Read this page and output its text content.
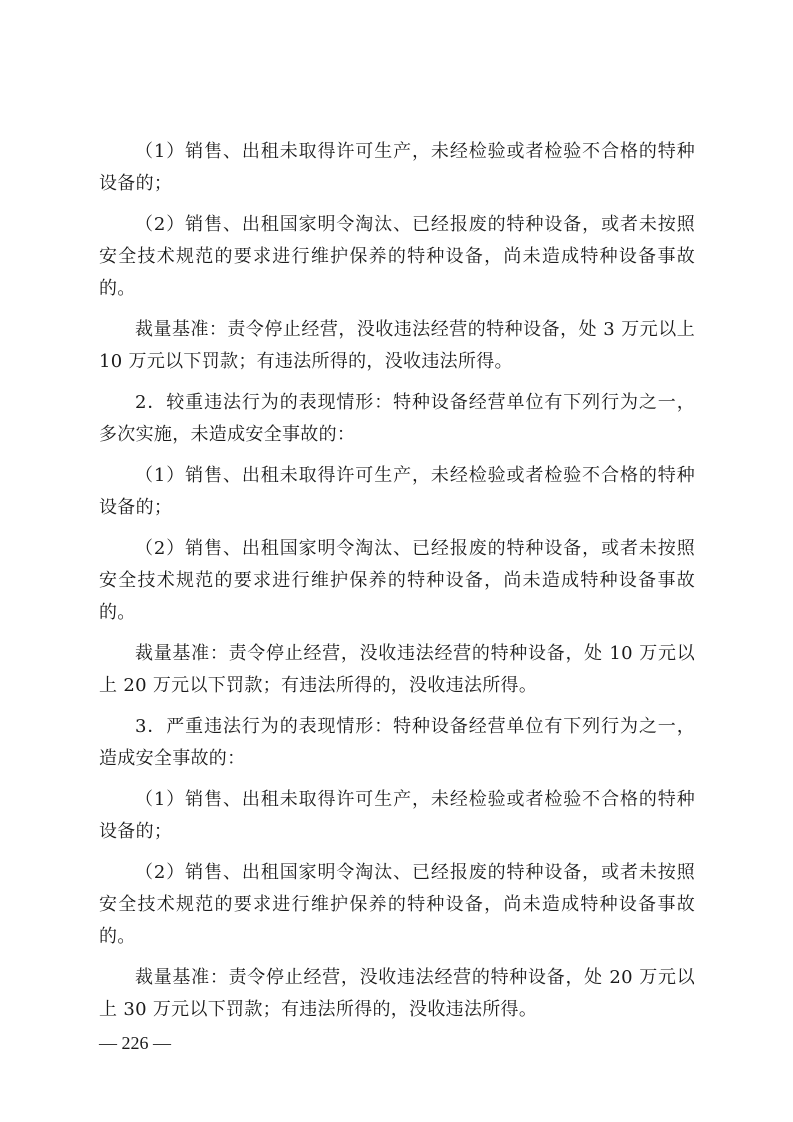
（1）销售、出租未取得许可生产，未经检验或者检验不合格的特种设备的；

（2）销售、出租国家明令淘汰、已经报废的特种设备，或者未按照安全技术规范的要求进行维护保养的特种设备，尚未造成特种设备事故的。

裁量基准：责令停止经营，没收违法经营的特种设备，处 3 万元以上 10 万元以下罚款；有违法所得的，没收违法所得。

2．较重违法行为的表现情形：特种设备经营单位有下列行为之一，多次实施，未造成安全事故的：

（1）销售、出租未取得许可生产，未经检验或者检验不合格的特种设备的；

（2）销售、出租国家明令淘汰、已经报废的特种设备，或者未按照安全技术规范的要求进行维护保养的特种设备，尚未造成特种设备事故的。

裁量基准：责令停止经营，没收违法经营的特种设备，处 10 万元以上 20 万元以下罚款；有违法所得的，没收违法所得。

3．严重违法行为的表现情形：特种设备经营单位有下列行为之一，造成安全事故的：

（1）销售、出租未取得许可生产，未经检验或者检验不合格的特种设备的；

（2）销售、出租国家明令淘汰、已经报废的特种设备，或者未按照安全技术规范的要求进行维护保养的特种设备，尚未造成特种设备事故的。

裁量基准：责令停止经营，没收违法经营的特种设备，处 20 万元以上 30 万元以下罚款；有违法所得的，没收违法所得。

— 226 —
